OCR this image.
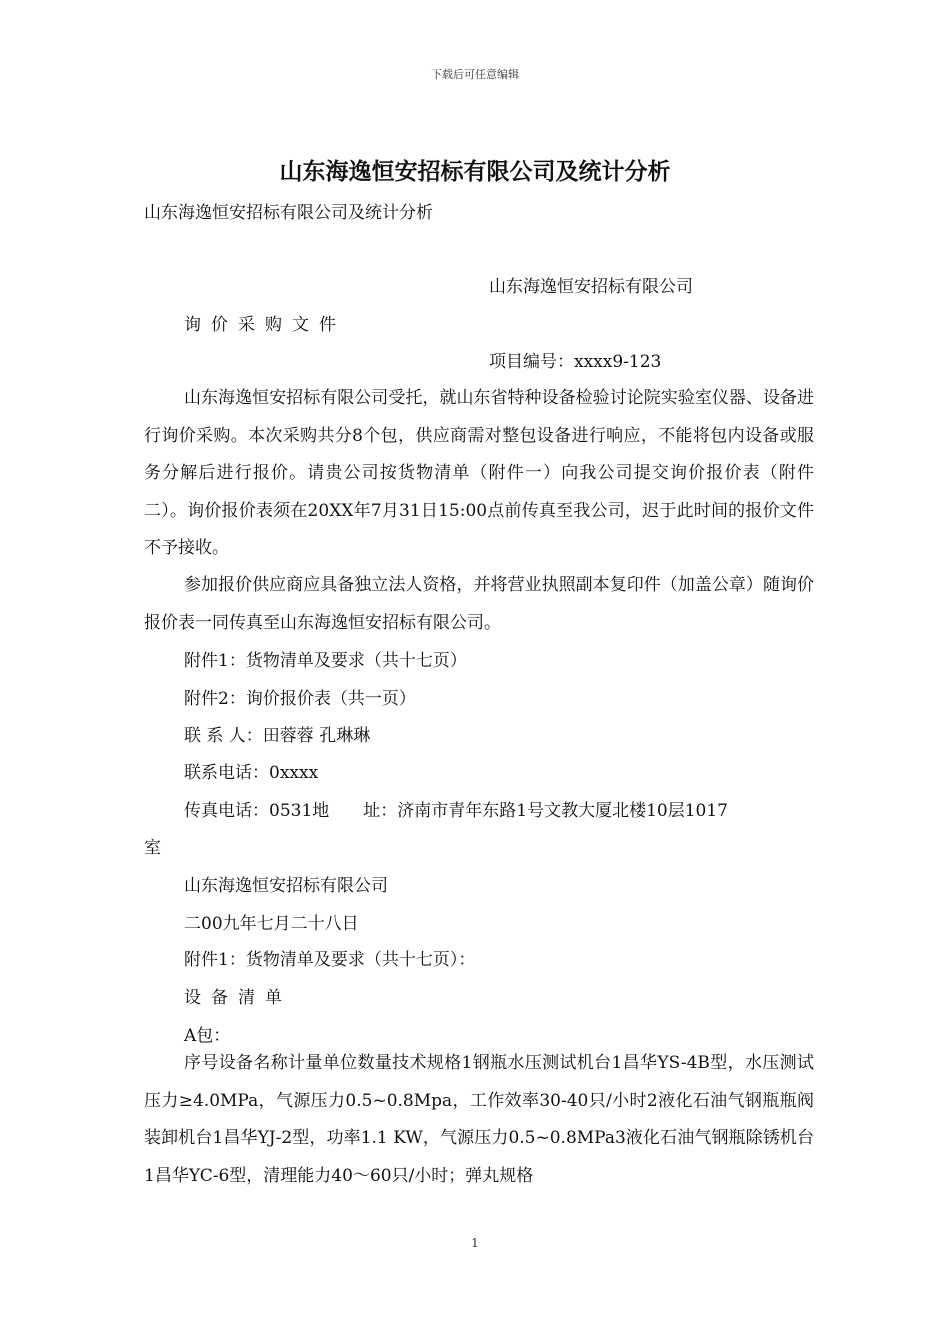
下载后可任意编辑
山东海逸恒安招标有限公司及统计分析
山东海逸恒安招标有限公司及统计分析
山东海逸恒安招标有限公司
询价采购文件
项目编号：xxxx9-123
山东海逸恒安招标有限公司受托，就山东省特种设备检验讨论院实验室仪器、设备进行询价采购。本次采购共分8个包，供应商需对整包设备进行响应，不能将包内设备或服务分解后进行报价。请贵公司按货物清单（附件一）向我公司提交询价报价表（附件二）。询价报价表须在20XX年7月31日15:00点前传真至我公司，迟于此时间的报价文件不予接收。
参加报价供应商应具备独立法人资格，并将营业执照副本复印件（加盖公章）随询价报价表一同传真至山东海逸恒安招标有限公司。
附件1：货物清单及要求（共十七页）
附件2：询价报价表（共一页）
联 系 人：田蓉蓉 孔琳琳
联系电话：0xxxx
传真电话：0531地　　址：济南市青年东路1号文教大厦北楼10层1017
室
山东海逸恒安招标有限公司
二00九年七月二十八日
附件1：货物清单及要求（共十七页）：
设备清单
A包：
序号设备名称计量单位数量技术规格1钢瓶水压测试机台1昌华YS-4B型，水压测试压力≥4.0MPa，气源压力0.5~0.8Mpa，工作效率30-40只/小时2液化石油气钢瓶瓶阀装卸机台1昌华YJ-2型，功率1.1 KW，气源压力0.5~0.8MPa3液化石油气钢瓶除锈机台1昌华YC-6型，清理能力40～60只/小时；弹丸规格
1
